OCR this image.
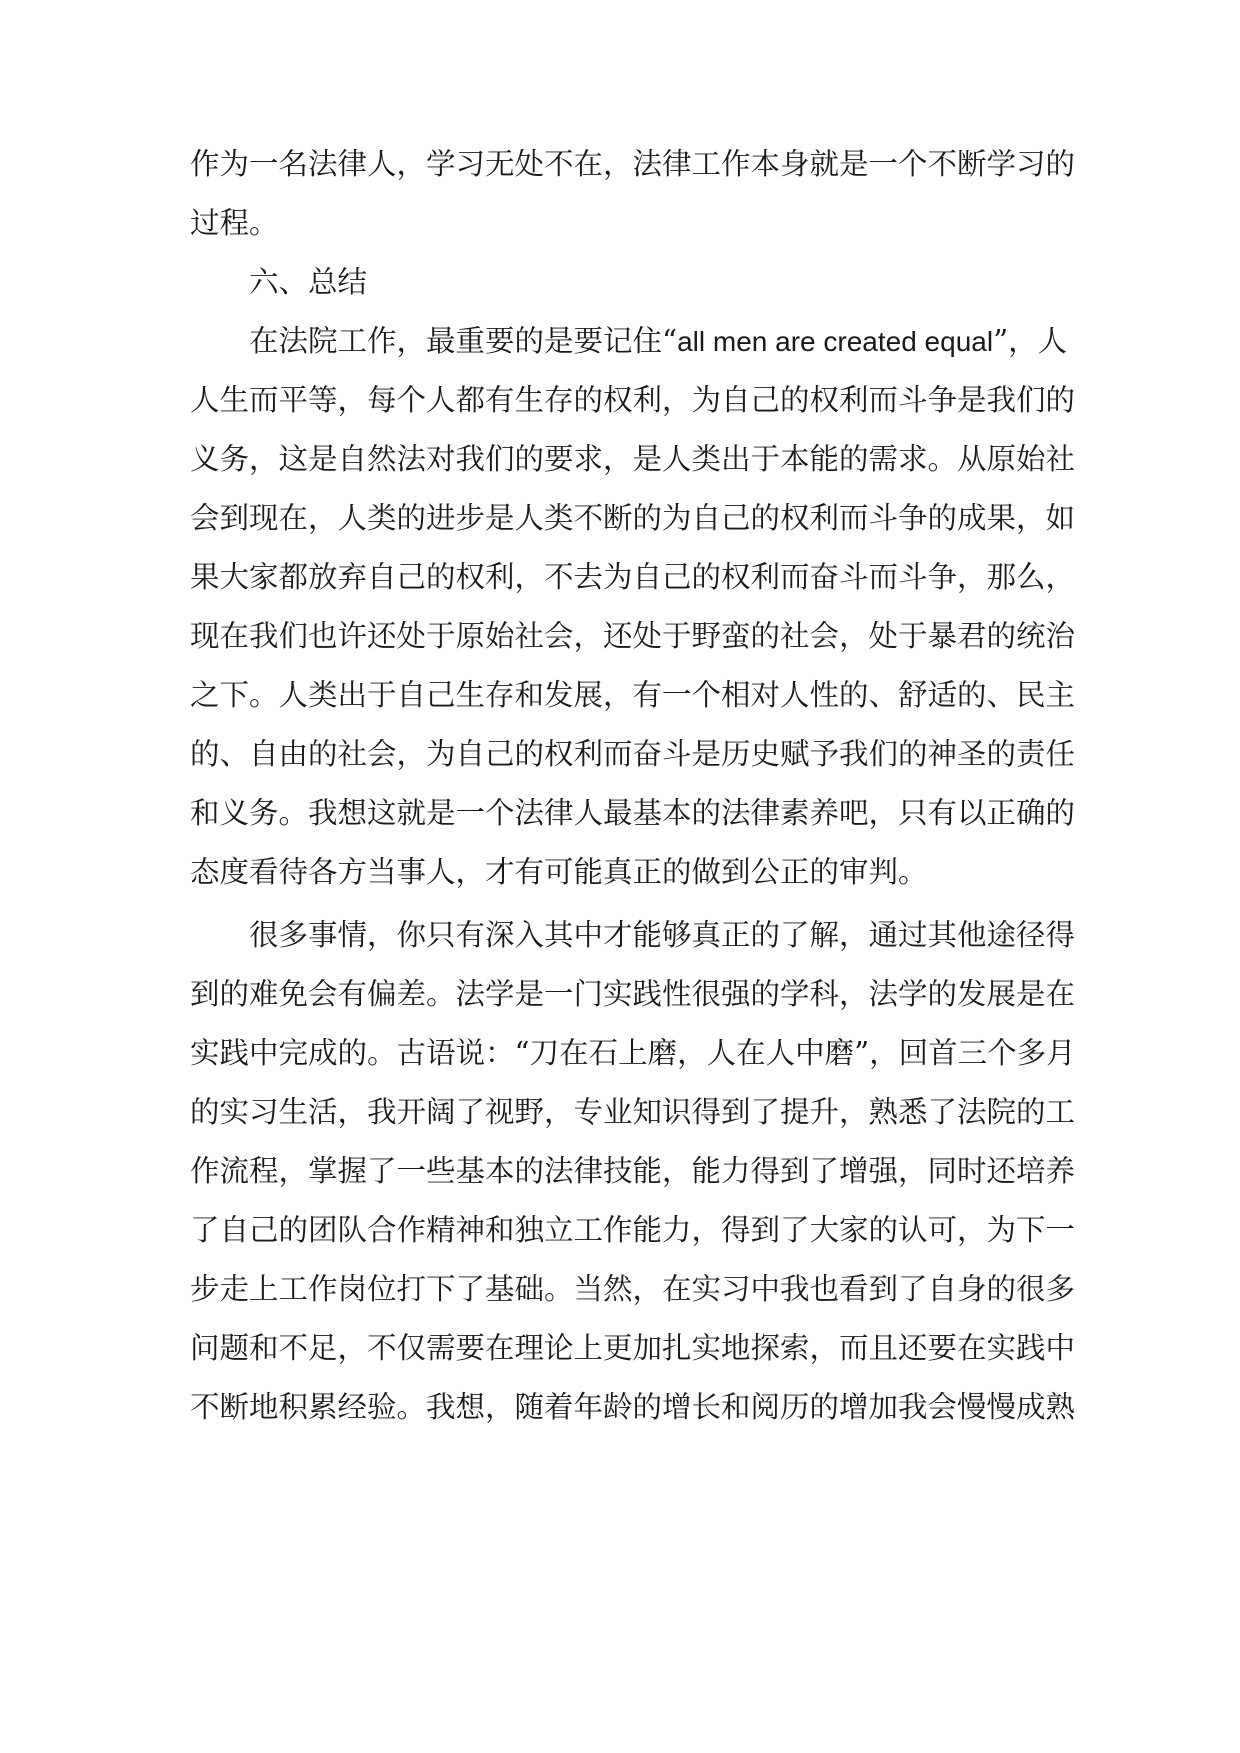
作为一名法律人，学习无处不在，法律工作本身就是一个不断学习的
过程。
六、总结
在法院工作，最重要的是要记住“all men are created equal”，人
人生而平等，每个人都有生存的权利，为自己的权利而斗争是我们的
义务，这是自然法对我们的要求，是人类出于本能的需求。从原始社
会到现在，人类的进步是人类不断的为自己的权利而斗争的成果，如
果大家都放弃自己的权利，不去为自己的权利而奋斗而斗争，那么，
现在我们也许还处于原始社会，还处于野蛮的社会，处于暴君的统治
之下。人类出于自己生存和发展，有一个相对人性的、舒适的、民主
的、自由的社会，为自己的权利而奋斗是历史赋予我们的神圣的责任
和义务。我想这就是一个法律人最基本的法律素养吧，只有以正确的
态度看待各方当事人，才有可能真正的做到公正的审判。
很多事情，你只有深入其中才能够真正的了解，通过其他途径得
到的难免会有偏差。法学是一门实践性很强的学科，法学的发展是在
实践中完成的。古语说：“刀在石上磨，人在人中磨”，回首三个多月
的实习生活，我开阔了视野，专业知识得到了提升，熟悉了法院的工
作流程，掌握了一些基本的法律技能，能力得到了增强，同时还培养
了自己的团队合作精神和独立工作能力，得到了大家的认可，为下一
步走上工作岗位打下了基础。当然，在实习中我也看到了自身的很多
问题和不足，不仅需要在理论上更加扎实地探索，而且还要在实践中
不断地积累经验。我想，随着年龄的增长和阅历的增加我会慢慢成熟
